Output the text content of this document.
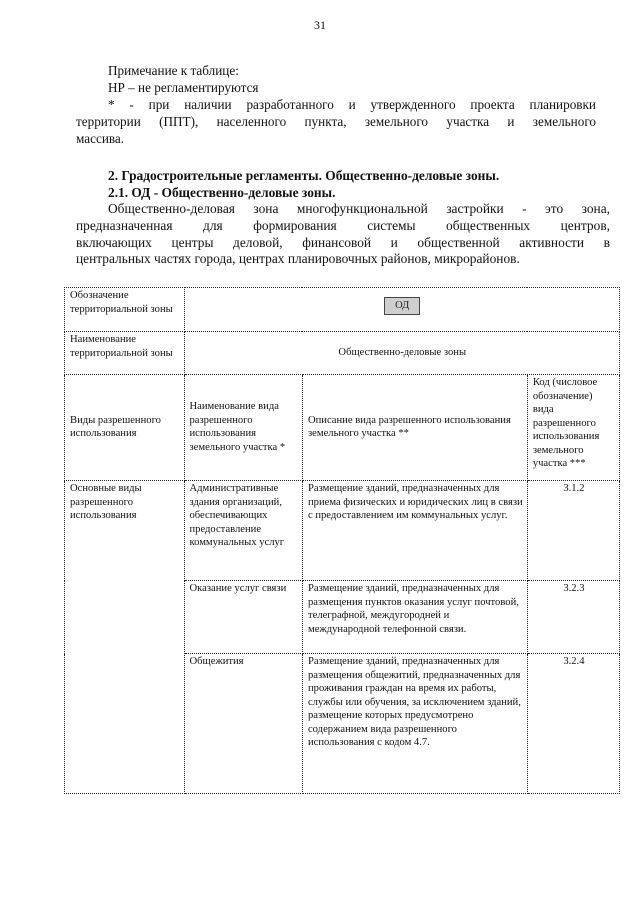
31
Примечание к таблице:
НР – не регламентируются
* - при наличии разработанного и утвержденного проекта планировки
территории (ППТ), населенного пункта, земельного участка и земельного
массива.
2. Градостроительные регламенты. Общественно-деловые зоны.
2.1. ОД - Общественно-деловые зоны.
Общественно-деловая зона многофункциональной застройки - это зона,
предназначенная для формирования системы общественных центров,
включающих центры деловой, финансовой и общественной активности в
центральных частях города, центрах планировочных районов, микрорайонов.
Обозначение территориальной зоны	ОД		
Наименование территориальной зоны	Общественно-деловые зоны		
Виды разрешенного использования	Наименование вида разрешенного использования земельного участка *	Описание вида разрешенного использования земельного участка **	Код (числовое обозначение) вида разрешенного использования земельного участка ***
Основные виды разрешенного использования	Административные здания организаций, обеспечивающих предоставление коммунальных услуг	Размещение зданий, предназначенных для приема физических и юридических лиц в связи с предоставлением им коммунальных услуг.	3.1.2
	Оказание услуг связи	Размещение зданий, предназначенных для размещения пунктов оказания услуг почтовой, телеграфной, междугородней и международной телефонной связи.	3.2.3
	Общежития	Размещение зданий, предназначенных для размещения общежитий, предназначенных для проживания граждан на время их работы, службы или обучения, за исключением зданий, размещение которых предусмотрено содержанием вида разрешенного использования с кодом 4.7.	3.2.4
